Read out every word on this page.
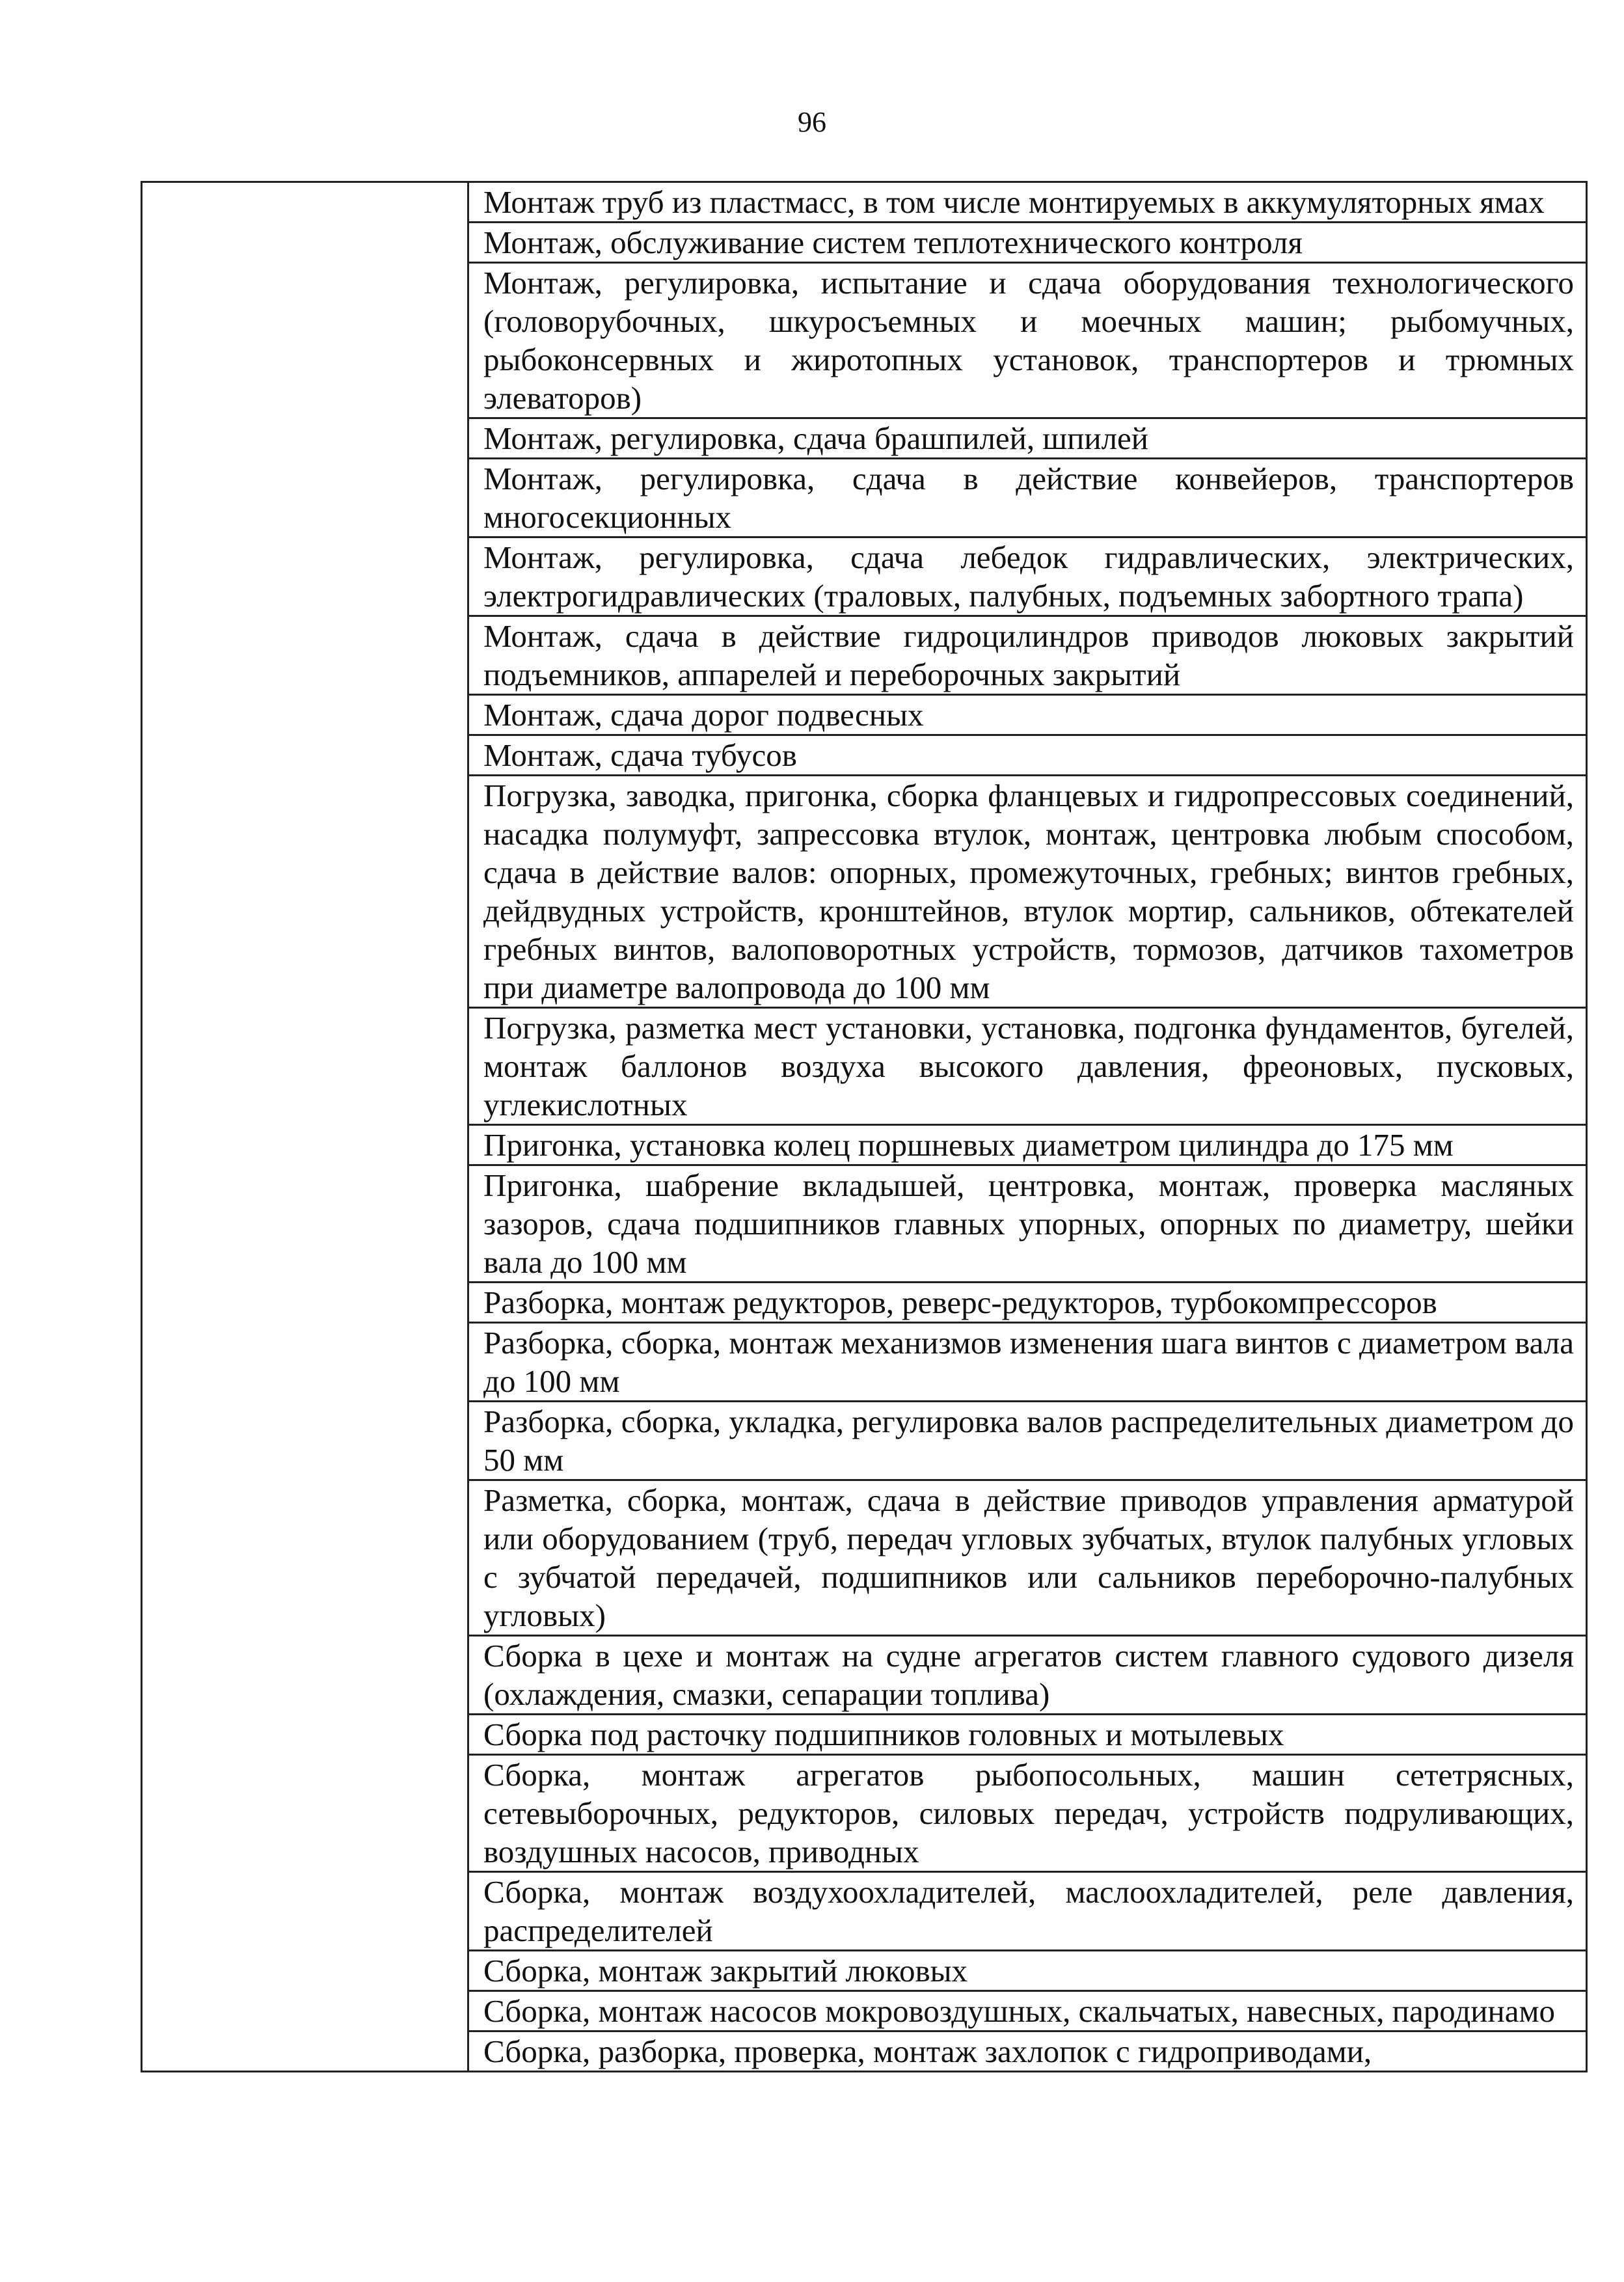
96
	Монтаж труб из пластмасс, в том числе монтируемых в аккумуляторных ямах
Монтаж, обслуживание систем теплотехнического контроля
Монтаж, регулировка, испытание и сдача оборудования технологического (головорубочных, шкуросъемных и моечных машин; рыбомучных, рыбоконсервных и жиротопных установок, транспортеров и трюмных элеваторов)
Монтаж, регулировка, сдача брашпилей, шпилей
Монтаж, регулировка, сдача в действие конвейеров, транспортеров многосекционных
Монтаж, регулировка, сдача лебедок гидравлических, электрических, электрогидравлических (траловых, палубных, подъемных забортного трапа)
Монтаж, сдача в действие гидроцилиндров приводов люковых закрытий подъемников, аппарелей и переборочных закрытий
Монтаж, сдача дорог подвесных
Монтаж, сдача тубусов
Погрузка, заводка, пригонка, сборка фланцевых и гидропрессовых соединений, насадка полумуфт, запрессовка втулок, монтаж, центровка любым способом, сдача в действие валов: опорных, промежуточных, гребных; винтов гребных, дейдвудных устройств, кронштейнов, втулок мортир, сальников, обтекателей гребных винтов, валоповоротных устройств, тормозов, датчиков тахометров при диаметре валопровода до 100 мм
Погрузка, разметка мест установки, установка, подгонка фундаментов, бугелей, монтаж баллонов воздуха высокого давления, фреоновых, пусковых, углекислотных
Пригонка, установка колец поршневых диаметром цилиндра до 175 мм
Пригонка, шабрение вкладышей, центровка, монтаж, проверка масляных зазоров, сдача подшипников главных упорных, опорных по диаметру, шейки вала до 100 мм
Разборка, монтаж редукторов, реверс-редукторов, турбокомпрессоров
Разборка, сборка, монтаж механизмов изменения шага винтов с диаметром вала до 100 мм
Разборка, сборка, укладка, регулировка валов распределительных диаметром до 50 мм
Разметка, сборка, монтаж, сдача в действие приводов управления арматурой или оборудованием (труб, передач угловых зубчатых, втулок палубных угловых с зубчатой передачей, подшипников или сальников переборочно-палубных угловых)
Сборка в цехе и монтаж на судне агрегатов систем главного судового дизеля (охлаждения, смазки, сепарации топлива)
Сборка под расточку подшипников головных и мотылевых
Сборка, монтаж агрегатов рыбопосольных, машин сететрясных, сетевыборочных, редукторов, силовых передач, устройств подруливающих, воздушных насосов, приводных
Сборка, монтаж воздухоохладителей, маслоохладителей, реле давления, распределителей
Сборка, монтаж закрытий люковых
Сборка, монтаж насосов мокровоздушных, скальчатых, навесных, пародинамо
Сборка, разборка, проверка, монтаж захлопок с гидроприводами,
